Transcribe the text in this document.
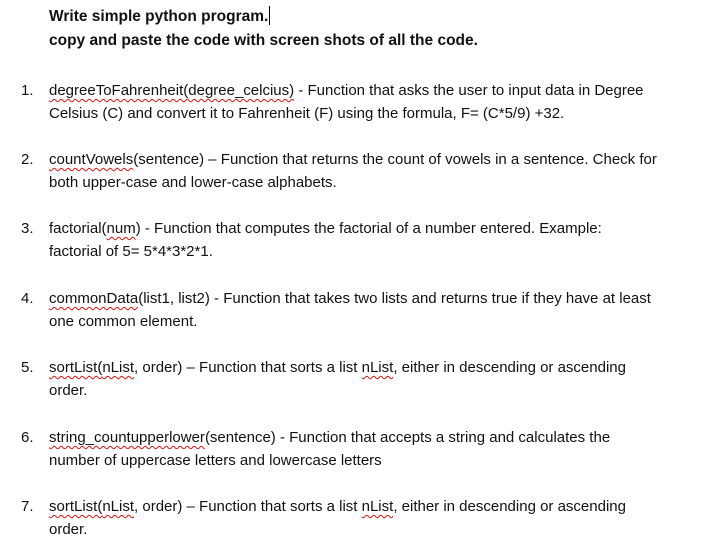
Write simple python program.
copy and paste the code with screen shots of all the code.
1. degreeToFahrenheit(degree_celcius) - Function that asks the user to input data in Degree
Celsius (C) and convert it to Fahrenheit (F) using the formula, F= (C*5/9) +32.
2. countVowels(sentence) – Function that returns the count of vowels in a sentence. Check for
both upper-case and lower-case alphabets.
3. factorial(num) - Function that computes the factorial of a number entered. Example:
factorial of 5= 5*4*3*2*1.
4. commonData(list1, list2) - Function that takes two lists and returns true if they have at least
one common element.
5. sortList(nList, order) – Function that sorts a list nList, either in descending or ascending
order.
6. string_countupperlower(sentence) - Function that accepts a string and calculates the
number of uppercase letters and lowercase letters
7. sortList(nList, order) – Function that sorts a list nList, either in descending or ascending
order.
